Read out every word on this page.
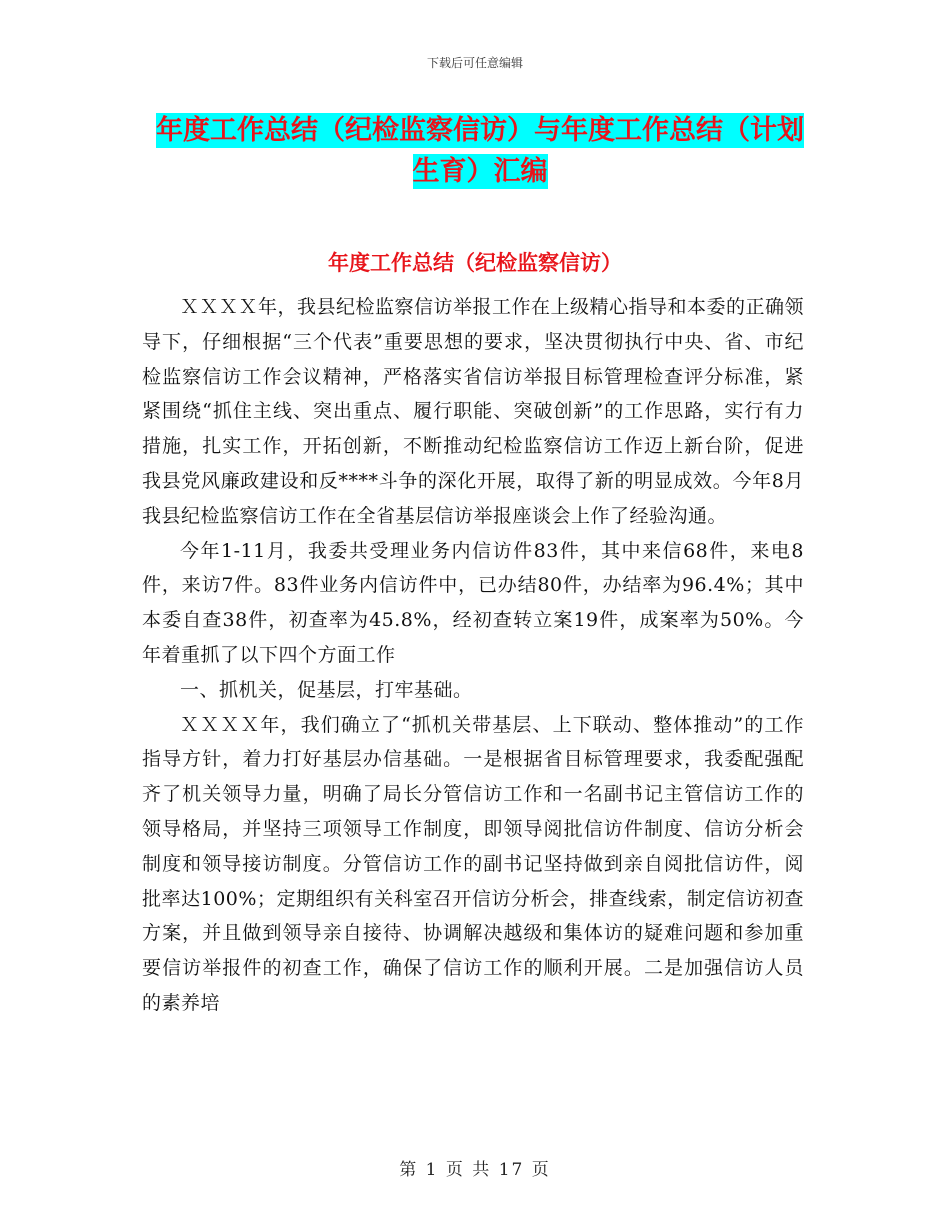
下载后可任意编辑
年度工作总结（纪检监察信访）与年度工作总结（计划生育）汇编
年度工作总结（纪检监察信访）

ＸＸＸＸ年，我县纪检监察信访举报工作在上级精心指导和本委的正确领导下，仔细根据“三个代表”重要思想的要求，坚决贯彻执行中央、省、市纪检监察信访工作会议精神，严格落实省信访举报目标管理检查评分标准，紧紧围绕“抓住主线、突出重点、履行职能、突破创新”的工作思路，实行有力措施，扎实工作，开拓创新，不断推动纪检监察信访工作迈上新台阶，促进我县党风廉政建设和反****斗争的深化开展，取得了新的明显成效。今年8月我县纪检监察信访工作在全省基层信访举报座谈会上作了经验沟通。

今年1-11月，我委共受理业务内信访件83件，其中来信68件，来电8件，来访7件。83件业务内信访件中，已办结80件，办结率为96.4%；其中本委自查38件，初查率为45.8%，经初查转立案19件，成案率为50%。今年着重抓了以下四个方面工作

一、抓机关，促基层，打牢基础。

ＸＸＸＸ年，我们确立了“抓机关带基层、上下联动、整体推动”的工作指导方针，着力打好基层办信基础。一是根据省目标管理要求，我委配强配齐了机关领导力量，明确了局长分管信访工作和一名副书记主管信访工作的领导格局，并坚持三项领导工作制度，即领导阅批信访件制度、信访分析会制度和领导接访制度。分管信访工作的副书记坚持做到亲自阅批信访件，阅批率达100%；定期组织有关科室召开信访分析会，排查线索，制定信访初查方案，并且做到领导亲自接待、协调解决越级和集体访的疑难问题和参加重要信访举报件的初查工作，确保了信访工作的顺利开展。二是加强信访人员的素养培

第 1 页 共 17 页
